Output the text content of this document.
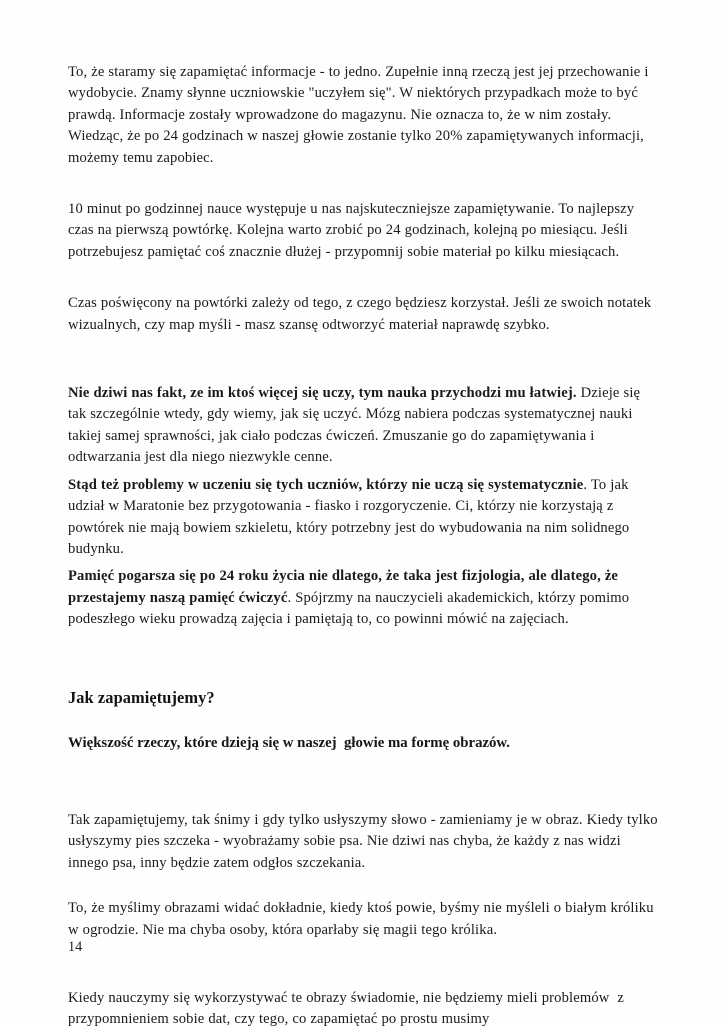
To, że staramy się zapamiętać informacje - to jedno. Zupełnie inną rzeczą jest jej przechowanie i wydobycie. Znamy słynne uczniowskie "uczyłem się". W niektórych przypadkach może to być prawdą. Informacje zostały wprowadzone do magazynu. Nie oznacza to, że w nim zostały. Wiedząc, że po 24 godzinach w naszej głowie zostanie tylko 20% zapamiętywanych informacji, możemy temu zapobiec.

10 minut po godzinnej nauce występuje u nas najskuteczniejsze zapamiętywanie. To najlepszy czas na pierwszą powtórkę. Kolejna warto zrobić po 24 godzinach, kolejną po miesiącu. Jeśli potrzebujesz pamiętać coś znacznie dłużej - przypomnij sobie materiał po kilku miesiącach.

Czas poświęcony na powtórki zależy od tego, z czego będziesz korzystał. Jeśli ze swoich notatek wizualnych, czy map myśli - masz szansę odtworzyć materiał naprawdę szybko.

Nie dziwi nas fakt, ze im ktoś więcej się uczy, tym nauka przychodzi mu łatwiej. Dzieje się tak szczególnie wtedy, gdy wiemy, jak się uczyć. Mózg nabiera podczas systematycznej nauki takiej samej sprawności, jak ciało podczas ćwiczeń. Zmuszanie go do zapamiętywania i odtwarzania jest dla niego niezwykle cenne.

Stąd też problemy w uczeniu się tych uczniów, którzy nie uczą się systematycznie. To jak udział w Maratonie bez przygotowania - fiasko i rozgoryczenie. Ci, którzy nie korzystają z powtórek nie mają bowiem szkieletu, który potrzebny jest do wybudowania na nim solidnego budynku.

Pamięć pogarsza się po 24 roku życia nie dlatego, że taka jest fizjologia, ale dlatego, że przestajemy naszą pamięć ćwiczyć. Spójrzmy na nauczycieli akademickich, którzy pomimo podeszłego wieku prowadzą zajęcia i pamiętają to, co powinni mówić na zajęciach.

Jak zapamiętujemy?

Większość rzeczy, które dzieją się w naszej  głowie ma formę obrazów.

Tak zapamiętujemy, tak śnimy i gdy tylko usłyszymy słowo - zamieniamy je w obraz. Kiedy tylko usłyszymy pies szczeka - wyobrażamy sobie psa. Nie dziwi nas chyba, że każdy z nas widzi innego psa, inny będzie zatem odgłos szczekania.

To, że myślimy obrazami widać dokładnie, kiedy ktoś powie, byśmy nie myśleli o białym króliku w ogrodzie. Nie ma chyba osoby, która oparłaby się magii tego królika.

Kiedy nauczymy się wykorzystywać te obrazy świadomie, nie będziemy mieli problemów  z przypomnieniem sobie dat, czy tego, co zapamiętać po prostu musimy

14
